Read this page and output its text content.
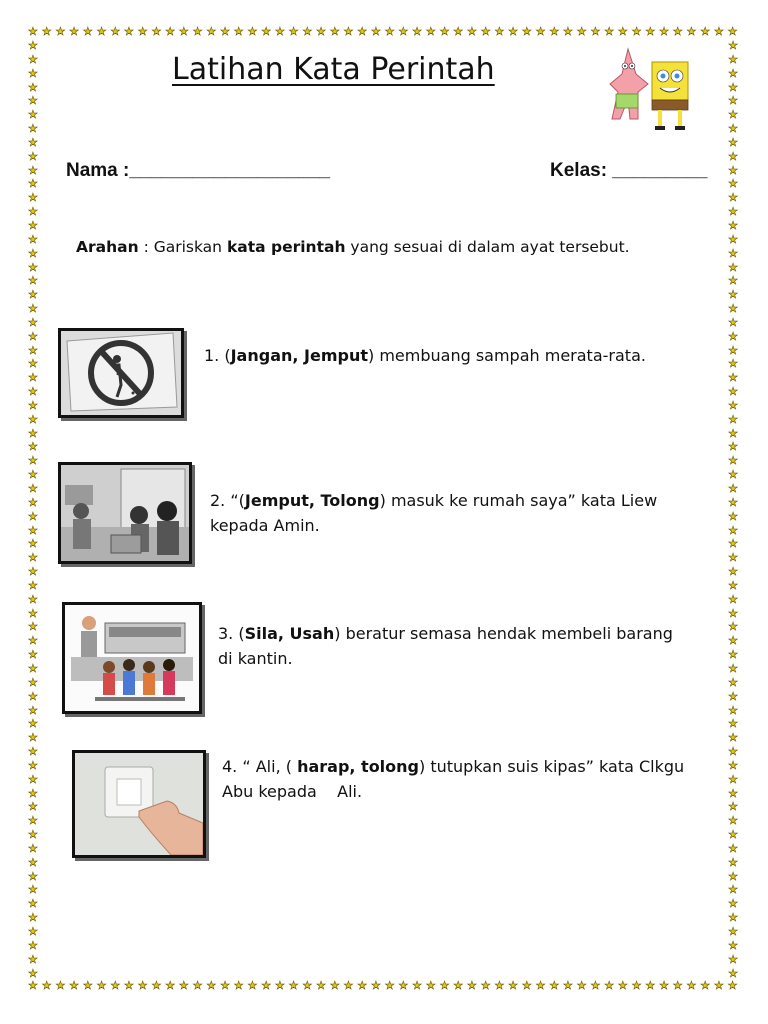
★ ★ ★ ★ ★ ★ ★ ★ ★ ★ ★ ★ ★ ★ ★ ★ ★ ★ ★ ★ ★ ★ ★ ★ ★ ★ ★ ★ ★ ★ ★ ★ ★ ★ ★ ★ ★ ★ ★ ★ ★ ★ ★ ★ ★ ★ ★ ★ ★ ★ ★ ★
★ ★ ★ ★ ★ ★ ★ ★ ★ ★ ★ ★ ★ ★ ★ ★ ★ ★ ★ ★ ★ ★ ★ ★ ★ ★ ★ ★ ★ ★ ★ ★ ★ ★ ★ ★ ★ ★ ★ ★ ★ ★ ★ ★ ★ ★ ★ ★ ★ ★ ★ ★
★
★
★
★
★
★
★
★
★
★
★
★
★
★
★
★
★
★
★
★
★
★
★
★
★
★
★
★
★
★
★
★
★
★
★
★
★
★
★
★
★
★
★
★
★
★
★
★
★
★
★
★
★
★
★
★
★
★
★
★
★
★
★
★
★
★
★
★
★
★
★
★
★
★
★
★
★
★
★
★
★
★
★
★
★
★
★
★
★
★
★
★
★
★
★
★
★
★
★
★
★
★
★
★
★
★
★
★
★
★
★
★
★
★
★
★
★
★
★
★
★
★
★
★
★
★
★
★
★
★
★
★
★
★
★
★
Latihan Kata Perintah
Nama :___________________	Kelas: _________
Arahan : Gariskan kata perintah yang sesuai di dalam ayat tersebut.
1. (Jangan, Jemput) membuang sampah merata-rata.
2. “(Jemput, Tolong) masuk ke rumah saya” kata Liew
kepada Amin.
3. (Sila, Usah) beratur semasa hendak membeli barang
di kantin.
4. “ Ali, ( harap, tolong) tutupkan suis kipas” kata Clkgu
Abu kepada    Ali.
